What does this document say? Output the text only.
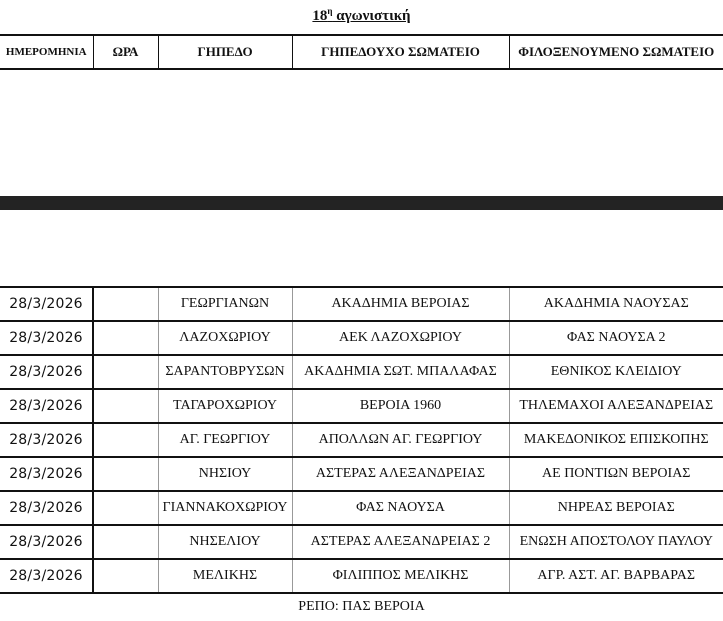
$18^\eta$ αγωνιστική
ΗΜΕΡΟΜΗΝΙΑ	ΩΡΑ	ΓΗΠΕΔΟ	ΓΗΠΕΔΟΥΧΟ ΣΩΜΑΤΕΙΟ	ΦΙΛΟΞΕΝΟΥΜΕΝΟ ΣΩΜΑΤΕΙΟ
28/3/2026		ΓΕΩΡΓΙΑΝΩΝ	ΑΚΑΔΗΜΙΑ ΒΕΡΟΙΑΣ	ΑΚΑΔΗΜΙΑ ΝΑΟΥΣΑΣ
28/3/2026		ΛΑΖΟΧΩΡΙΟΥ	ΑΕΚ ΛΑΖΟΧΩΡΙΟΥ	ΦΑΣ ΝΑΟΥΣΑ 2
28/3/2026		ΣΑΡΑΝΤΟΒΡΥΣΩΝ	ΑΚΑΔΗΜΙΑ ΣΩΤ. ΜΠΑΛΑΦΑΣ	ΕΘΝΙΚΟΣ ΚΛΕΙΔΙΟΥ
28/3/2026		ΤΑΓΑΡΟΧΩΡΙΟΥ	ΒΕΡΟΙΑ 1960	ΤΗΛΕΜΑΧΟΙ ΑΛΕΞΑΝΔΡΕΙΑΣ
28/3/2026		ΑΓ. ΓΕΩΡΓΙΟΥ	ΑΠΟΛΛΩΝ ΑΓ. ΓΕΩΡΓΙΟΥ	ΜΑΚΕΔΟΝΙΚΟΣ ΕΠΙΣΚΟΠΗΣ
28/3/2026		ΝΗΣΙΟΥ	ΑΣΤΕΡΑΣ ΑΛΕΞΑΝΔΡΕΙΑΣ	ΑΕ ΠΟΝΤΙΩΝ ΒΕΡΟΙΑΣ
28/3/2026		ΓΙΑΝΝΑΚΟΧΩΡΙΟΥ	ΦΑΣ ΝΑΟΥΣΑ	ΝΗΡΕΑΣ ΒΕΡΟΙΑΣ
28/3/2026		ΝΗΣΕΛΙΟΥ	ΑΣΤΕΡΑΣ ΑΛΕΞΑΝΔΡΕΙΑΣ 2	ΕΝΩΣΗ ΑΠΟΣΤΟΛΟΥ ΠΑΥΛΟΥ
28/3/2026		ΜΕΛΙΚΗΣ	ΦΙΛΙΠΠΟΣ ΜΕΛΙΚΗΣ	ΑΓΡ. ΑΣΤ. ΑΓ. ΒΑΡΒΑΡΑΣ
ΡΕΠΟ: ΠΑΣ ΒΕΡΟΙΑ
